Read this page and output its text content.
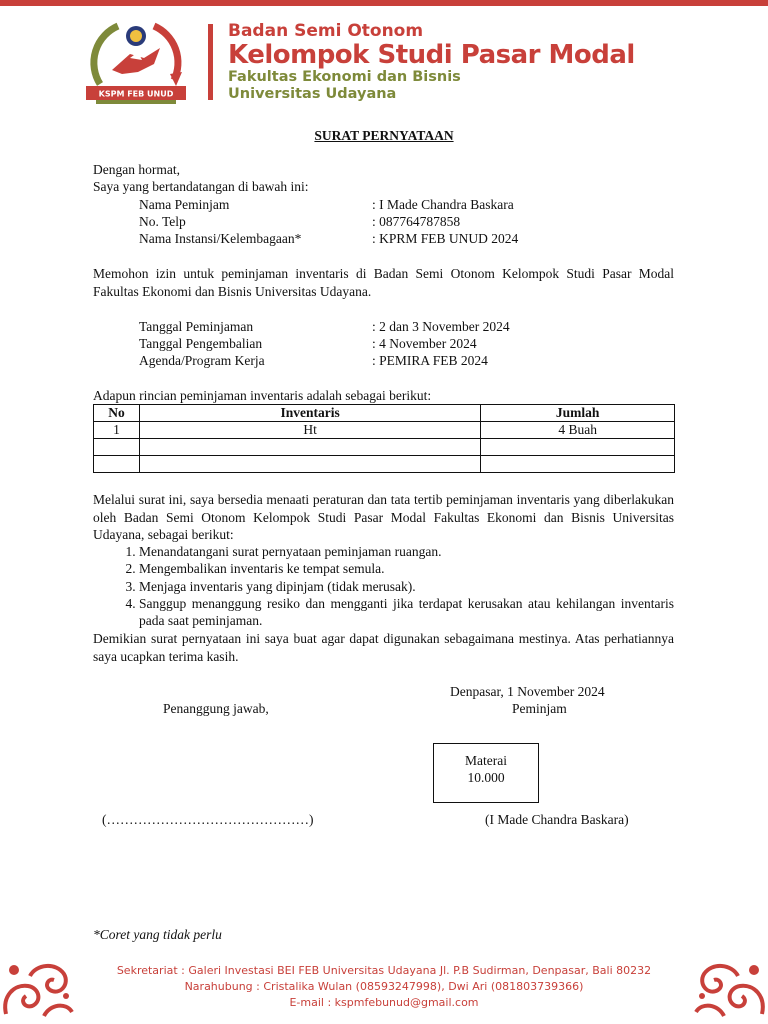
KSPM FEB UNUD
Badan Semi Otonom
Kelompok Studi Pasar Modal
Fakultas Ekonomi dan Bisnis
Universitas Udayana
SURAT PERNYATAAN
Dengan hormat,
Saya yang bertandatangan di bawah ini:
Nama Peminjam	: I Made Chandra Baskara
No. Telp	: 087764787858
Nama Instansi/Kelembagaan*	: KPRM FEB UNUD 2024
Memohon izin untuk peminjaman inventaris di Badan Semi Otonom Kelompok Studi Pasar Modal Fakultas Ekonomi dan Bisnis Universitas Udayana.
Tanggal Peminjaman	: 2 dan 3 November 2024
Tanggal Pengembalian	: 4 November 2024
Agenda/Program Kerja	: PEMIRA FEB 2024
Adapun rincian peminjaman inventaris adalah sebagai berikut:
No	Inventaris	Jumlah
1	Ht	4 Buah

Melalui surat ini, saya bersedia menaati peraturan dan tata tertib peminjaman inventaris yang diberlakukan oleh Badan Semi Otonom Kelompok Studi Pasar Modal Fakultas Ekonomi dan Bisnis Universitas Udayana, sebagai berikut:
1. Menandatangani surat pernyataan peminjaman ruangan.
2. Mengembalikan inventaris ke tempat semula.
3. Menjaga inventaris yang dipinjam (tidak merusak).
4. Sanggup menanggung resiko dan mengganti jika terdapat kerusakan atau kehilangan inventaris pada saat peminjaman.
Demikian surat pernyataan ini saya buat agar dapat digunakan sebagaimana mestinya. Atas perhatiannya saya ucapkan terima kasih.
Denpasar, 1 November 2024
Penanggung jawab,	Peminjam
Materai
10.000
(………………………………………)	(I Made Chandra Baskara)
*Coret yang tidak perlu
Sekretariat : Galeri Investasi BEI FEB Universitas Udayana Jl. P.B Sudirman, Denpasar, Bali 80232
Narahubung : Cristalika Wulan (08593247998), Dwi Ari (081803739366)
E-mail : kspmfebunud@gmail.com
